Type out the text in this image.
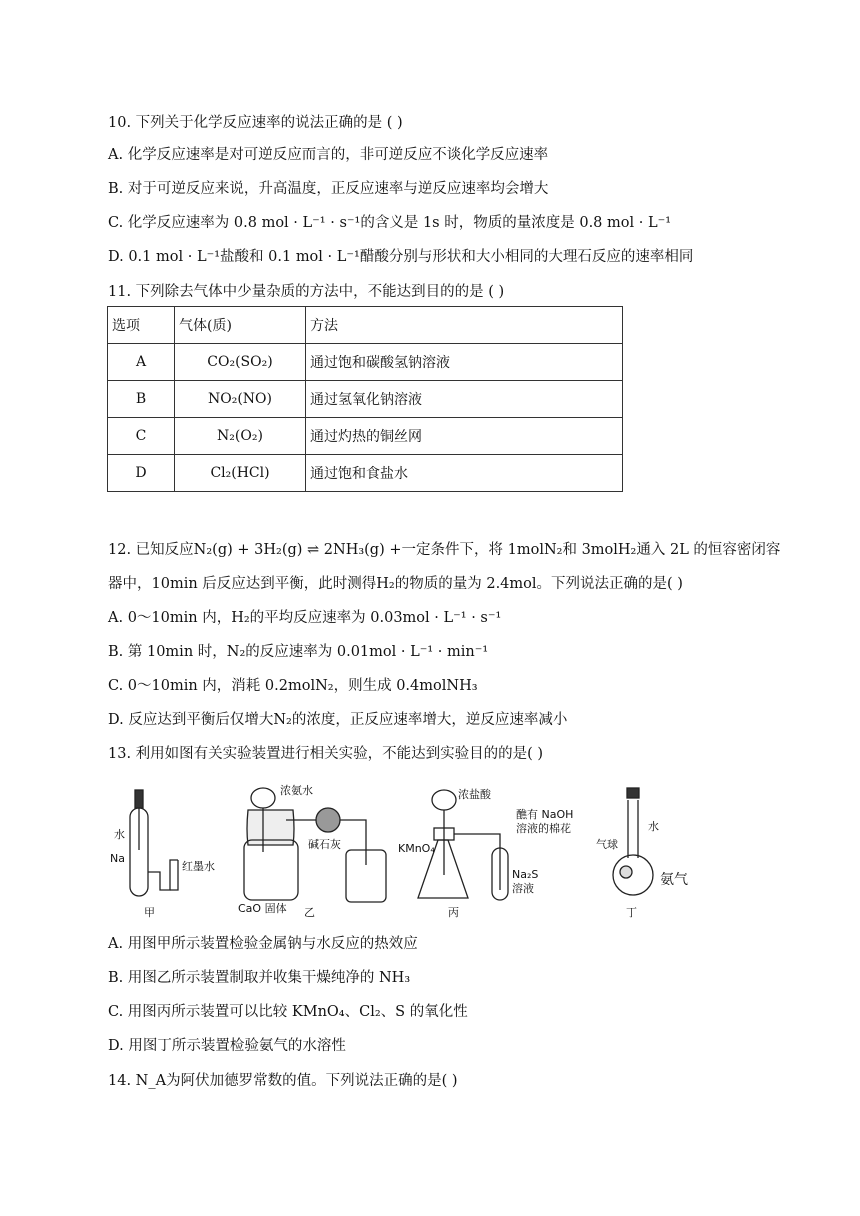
10. 下列关于化学反应速率的说法正确的是 ( )
A. 化学反应速率是对可逆反应而言的，非可逆反应不谈化学反应速率
B. 对于可逆反应来说，升高温度，正反应速率与逆反应速率均会增大
C. 化学反应速率为 0.8 mol · L⁻¹ · s⁻¹的含义是 1s 时，物质的量浓度是 0.8 mol · L⁻¹
D. 0.1 mol · L⁻¹盐酸和 0.1 mol · L⁻¹醋酸分别与形状和大小相同的大理石反应的速率相同
11. 下列除去气体中少量杂质的方法中，不能达到目的的是 ( )
选项	气体(质)	方法
A	CO₂(SO₂)	通过饱和碳酸氢钠溶液
B	NO₂(NO)	通过氢氧化钠溶液
C	N₂(O₂)	通过灼热的铜丝网
D	Cl₂(HCl)	通过饱和食盐水
12. 已知反应N₂(g) + 3H₂(g) ⇌ 2NH₃(g) +一定条件下，将 1molN₂和 3molH₂通入 2L 的恒容密闭容
器中，10min 后反应达到平衡，此时测得H₂的物质的量为 2.4mol。下列说法正确的是( )
A. 0～10min 内，H₂的平均反应速率为 0.03mol · L⁻¹ · s⁻¹
B. 第 10min 时，N₂的反应速率为 0.01mol · L⁻¹ · min⁻¹
C. 0～10min 内，消耗 0.2molN₂，则生成 0.4molNH₃
D. 反应达到平衡后仅增大N₂的浓度，正反应速率增大，逆反应速率减小
13. 利用如图有关实验装置进行相关实验，不能达到实验目的的是( )
水
Na
红墨水
甲
浓氨水
碱石灰
CaO 固体 乙
浓盐酸
醮有 NaOH
溶液的棉花
KMnO₄
Na₂S
溶液
丙
水
气球
氨气
丁
A. 用图甲所示装置检验金属钠与水反应的热效应
B. 用图乙所示装置制取并收集干燥纯净的 NH₃
C. 用图丙所示装置可以比较 KMnO₄、Cl₂、S 的氧化性
D. 用图丁所示装置检验氨气的水溶性
14. N_A为阿伏加德罗常数的值。下列说法正确的是( )
